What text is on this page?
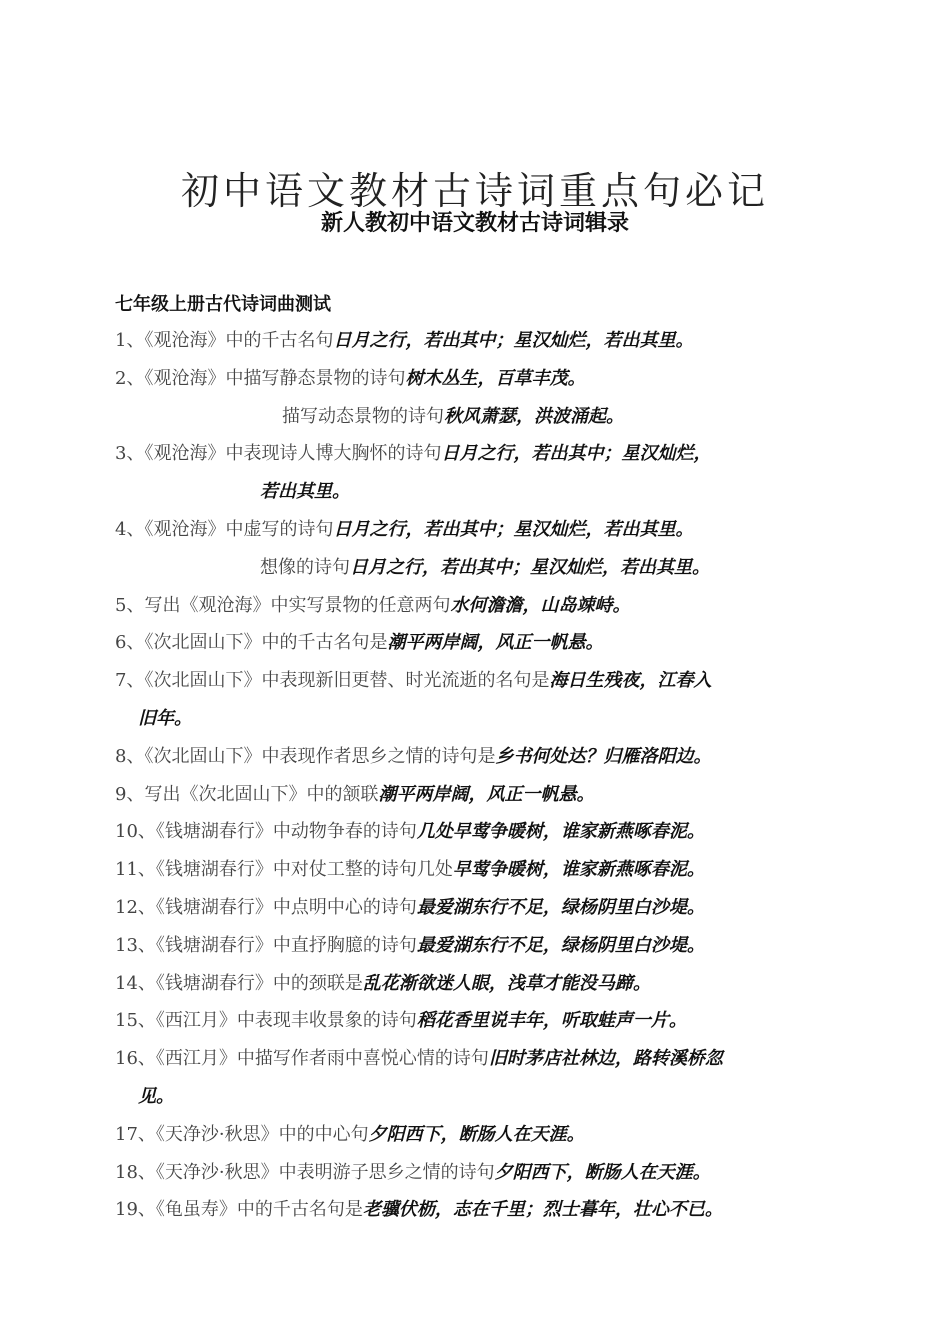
初中语文教材古诗词重点句必记
新人教初中语文教材古诗词辑录
七年级上册古代诗词曲测试
1、《观沧海》中的千古名句日月之行，若出其中；星汉灿烂，若出其里。
2、《观沧海》中描写静态景物的诗句树木丛生，百草丰茂。
描写动态景物的诗句秋风萧瑟，洪波涌起。
3、《观沧海》中表现诗人博大胸怀的诗句日月之行，若出其中；星汉灿烂，
若出其里。
4、《观沧海》中虚写的诗句日月之行，若出其中；星汉灿烂，若出其里。
想像的诗句日月之行，若出其中；星汉灿烂，若出其里。
5、写出《观沧海》中实写景物的任意两句水何澹澹，山岛竦峙。
6、《次北固山下》中的千古名句是潮平两岸阔，风正一帆悬。
7、《次北固山下》中表现新旧更替、时光流逝的名句是海日生残夜，江春入
旧年。
8、《次北固山下》中表现作者思乡之情的诗句是乡书何处达？归雁洛阳边。
9、写出《次北固山下》中的颔联潮平两岸阔，风正一帆悬。
10、《钱塘湖春行》中动物争春的诗句几处早莺争暖树，谁家新燕啄春泥。
11、《钱塘湖春行》中对仗工整的诗句几处早莺争暖树，谁家新燕啄春泥。
12、《钱塘湖春行》中点明中心的诗句最爱湖东行不足，绿杨阴里白沙堤。
13、《钱塘湖春行》中直抒胸臆的诗句最爱湖东行不足，绿杨阴里白沙堤。
14、《钱塘湖春行》中的颈联是乱花渐欲迷人眼，浅草才能没马蹄。
15、《西江月》中表现丰收景象的诗句稻花香里说丰年，听取蛙声一片。
16、《西江月》中描写作者雨中喜悦心情的诗句旧时茅店社林边，路转溪桥忽
见。
17、《天净沙·秋思》中的中心句夕阳西下，断肠人在天涯。
18、《天净沙·秋思》中表明游子思乡之情的诗句夕阳西下，断肠人在天涯。
19、《龟虽寿》中的千古名句是老骥伏枥，志在千里；烈士暮年，壮心不已。
